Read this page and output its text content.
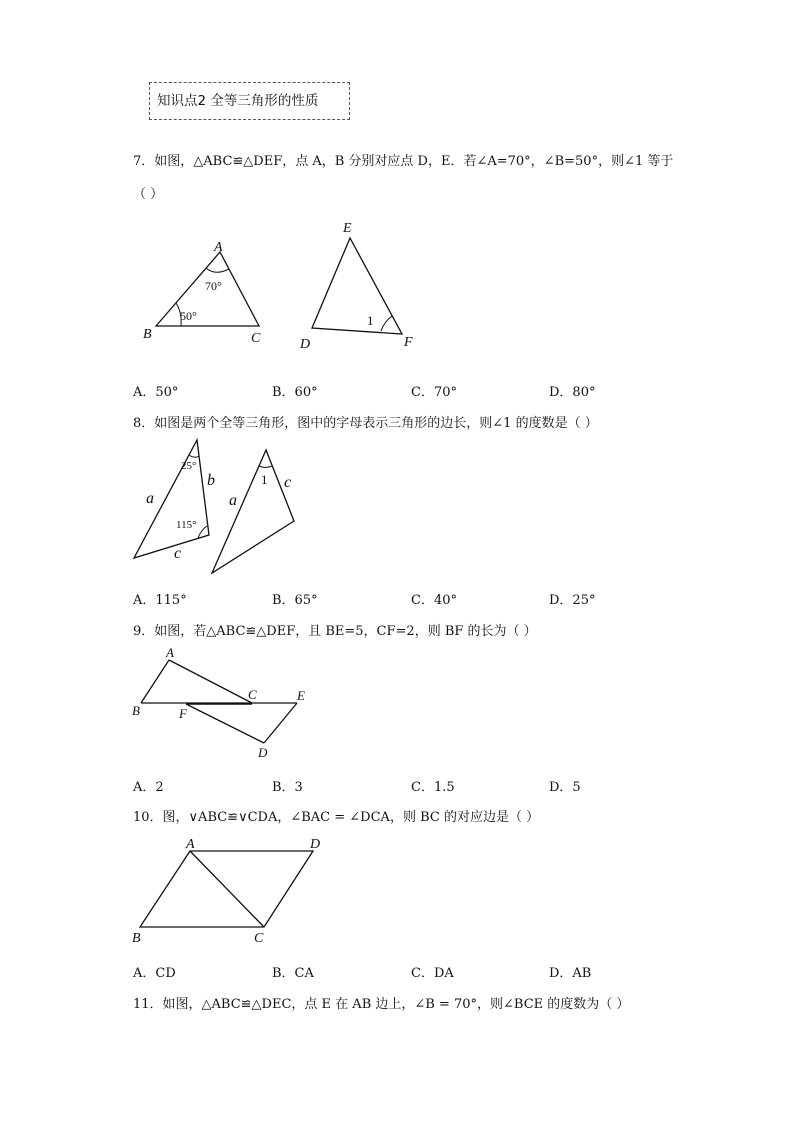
知识点2 全等三角形的性质
7．如图，△ABC≌△DEF，点 A，B 分别对应点 D，E．若∠A=70°，∠B=50°，则∠1 等于
（ ）
A
B	C
70°
50°
E
D	F
1
A．50°	B．60°	C．70°	D．80°
8．如图是两个全等三角形，图中的字母表示三角形的边长，则∠1 的度数是（ ）
25°
115°
a
b
c
1
a
c
A．115°	B．65°	C．40°	D．25°
9．如图，若△ABC≌△DEF，且 BE=5，CF=2，则 BF 的长为（ ）
A
B
C	E
F
D
A．2	B．3	C．1.5	D．5
10．图，∨ABC≌∨CDA，∠BAC = ∠DCA，则 BC 的对应边是（ ）
A	D
B	C
A．CD	B．CA	C．DA	D．AB
11．如图，△ABC≌△DEC，点 E 在 AB 边上，∠B = 70°，则∠BCE 的度数为（ ）
